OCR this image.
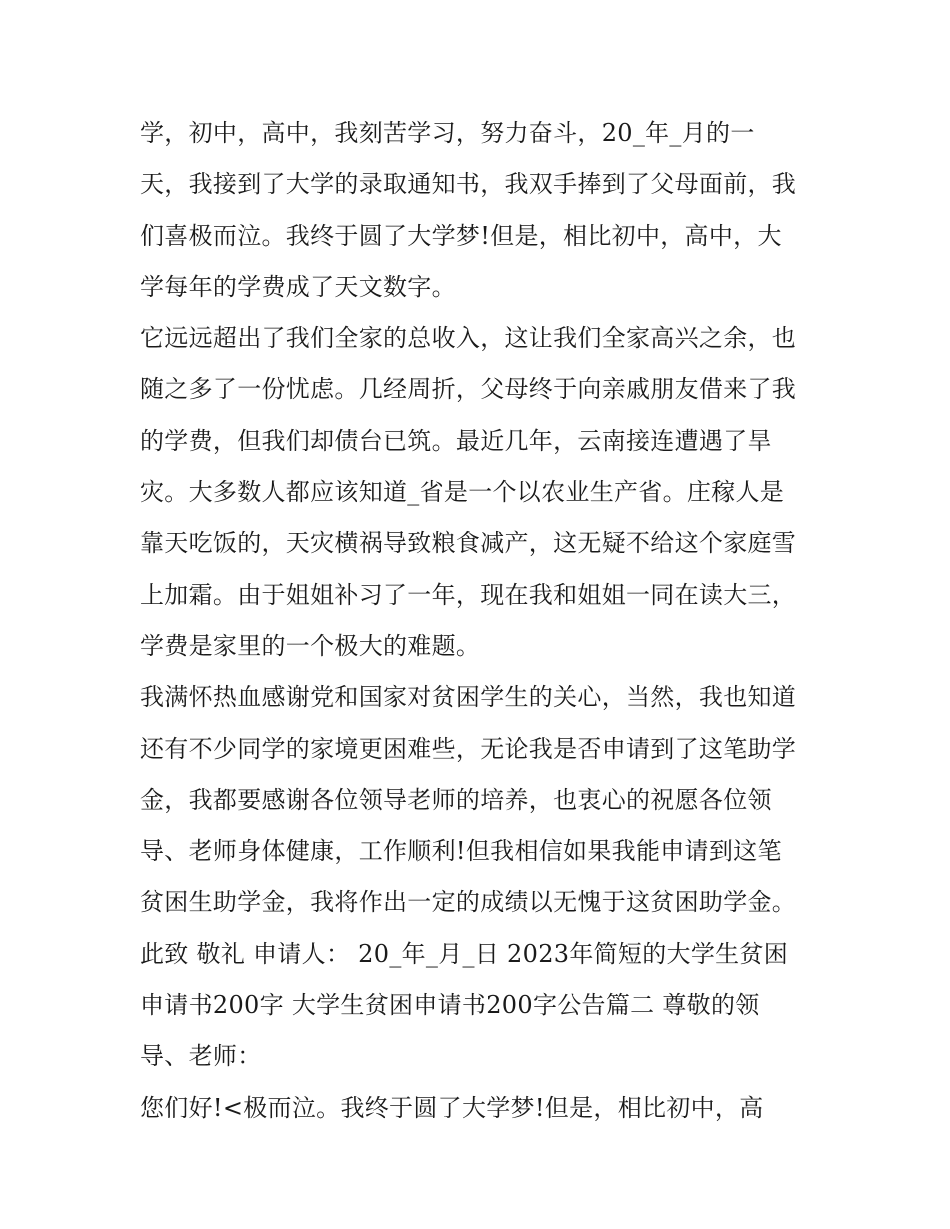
学，初中，高中，我刻苦学习，努力奋斗，20_年_月的一
天，我接到了大学的录取通知书，我双手捧到了父母面前，我
们喜极而泣。我终于圆了大学梦!但是，相比初中，高中，大
学每年的学费成了天文数字。
它远远超出了我们全家的总收入，这让我们全家高兴之余，也
随之多了一份忧虑。几经周折，父母终于向亲戚朋友借来了我
的学费，但我们却债台已筑。最近几年，云南接连遭遇了旱
灾。大多数人都应该知道_省是一个以农业生产省。庄稼人是
靠天吃饭的，天灾横祸导致粮食减产，这无疑不给这个家庭雪
上加霜。由于姐姐补习了一年，现在我和姐姐一同在读大三，
学费是家里的一个极大的难题。
我满怀热血感谢党和国家对贫困学生的关心，当然，我也知道
还有不少同学的家境更困难些，无论我是否申请到了这笔助学
金，我都要感谢各位领导老师的培养，也衷心的祝愿各位领
导、老师身体健康，工作顺利!但我相信如果我能申请到这笔
贫困生助学金，我将作出一定的成绩以无愧于这贫困助学金。
此致 敬礼 申请人： 20_年_月_日 2023年简短的大学生贫困
申请书200字 大学生贫困申请书200字公告篇二 尊敬的领
导、老师：
您们好!<极而泣。我终于圆了大学梦!但是，相比初中，高
